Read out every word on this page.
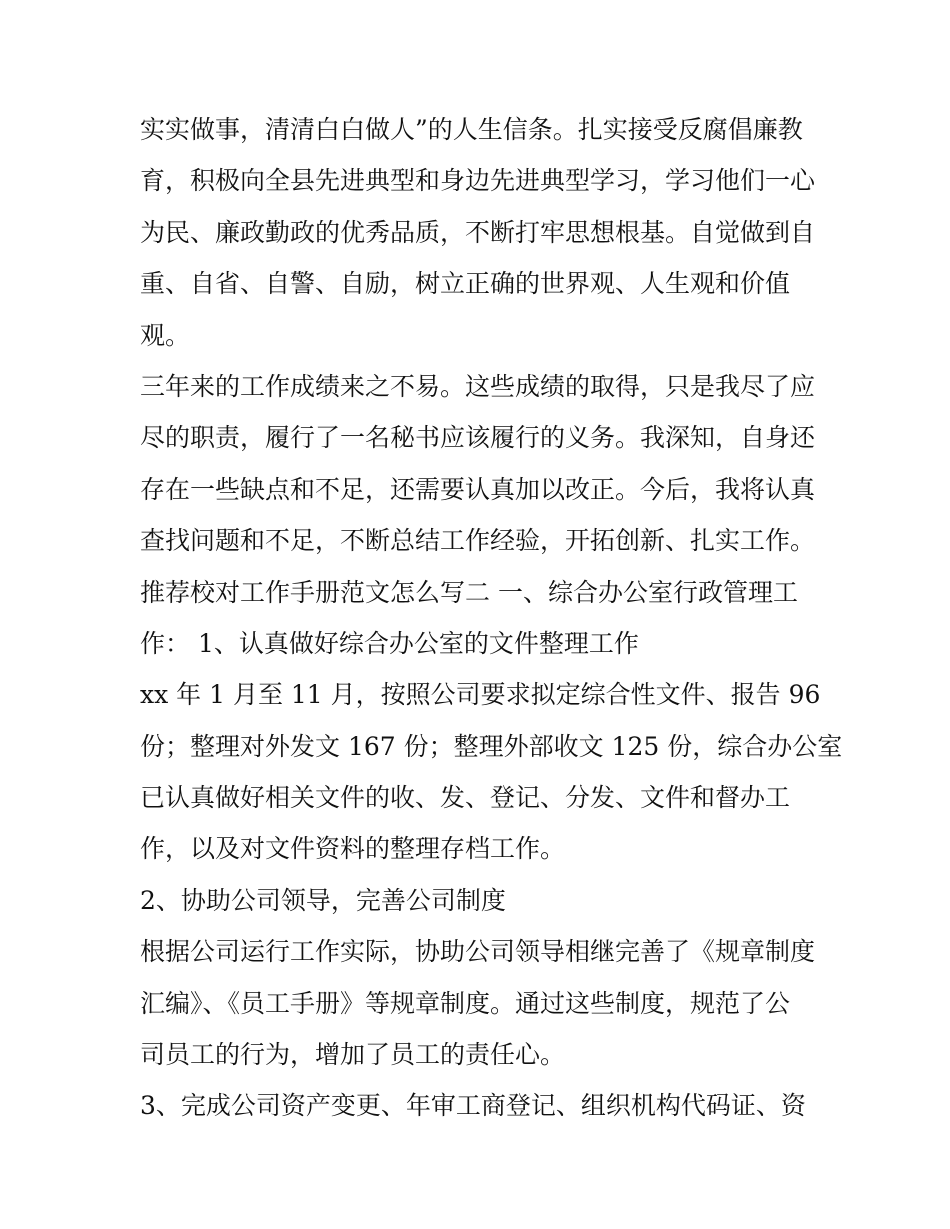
实实做事，清清白白做人”的人生信条。扎实接受反腐倡廉教
育，积极向全县先进典型和身边先进典型学习，学习他们一心
为民、廉政勤政的优秀品质，不断打牢思想根基。自觉做到自
重、自省、自警、自励，树立正确的世界观、人生观和价值
观。
三年来的工作成绩来之不易。这些成绩的取得，只是我尽了应
尽的职责，履行了一名秘书应该履行的义务。我深知，自身还
存在一些缺点和不足，还需要认真加以改正。今后，我将认真
查找问题和不足，不断总结工作经验，开拓创新、扎实工作。
推荐校对工作手册范文怎么写二 一、综合办公室行政管理工
作： 1、认真做好综合办公室的文件整理工作
xx 年 1 月至 11 月，按照公司要求拟定综合性文件、报告 96
份；整理对外发文 167 份；整理外部收文 125 份，综合办公室
已认真做好相关文件的收、发、登记、分发、文件和督办工
作，以及对文件资料的整理存档工作。
2、协助公司领导，完善公司制度
根据公司运行工作实际，协助公司领导相继完善了《规章制度
汇编》、《员工手册》等规章制度。通过这些制度，规范了公
司员工的行为，增加了员工的责任心。
3、完成公司资产变更、年审工商登记、组织机构代码证、资
